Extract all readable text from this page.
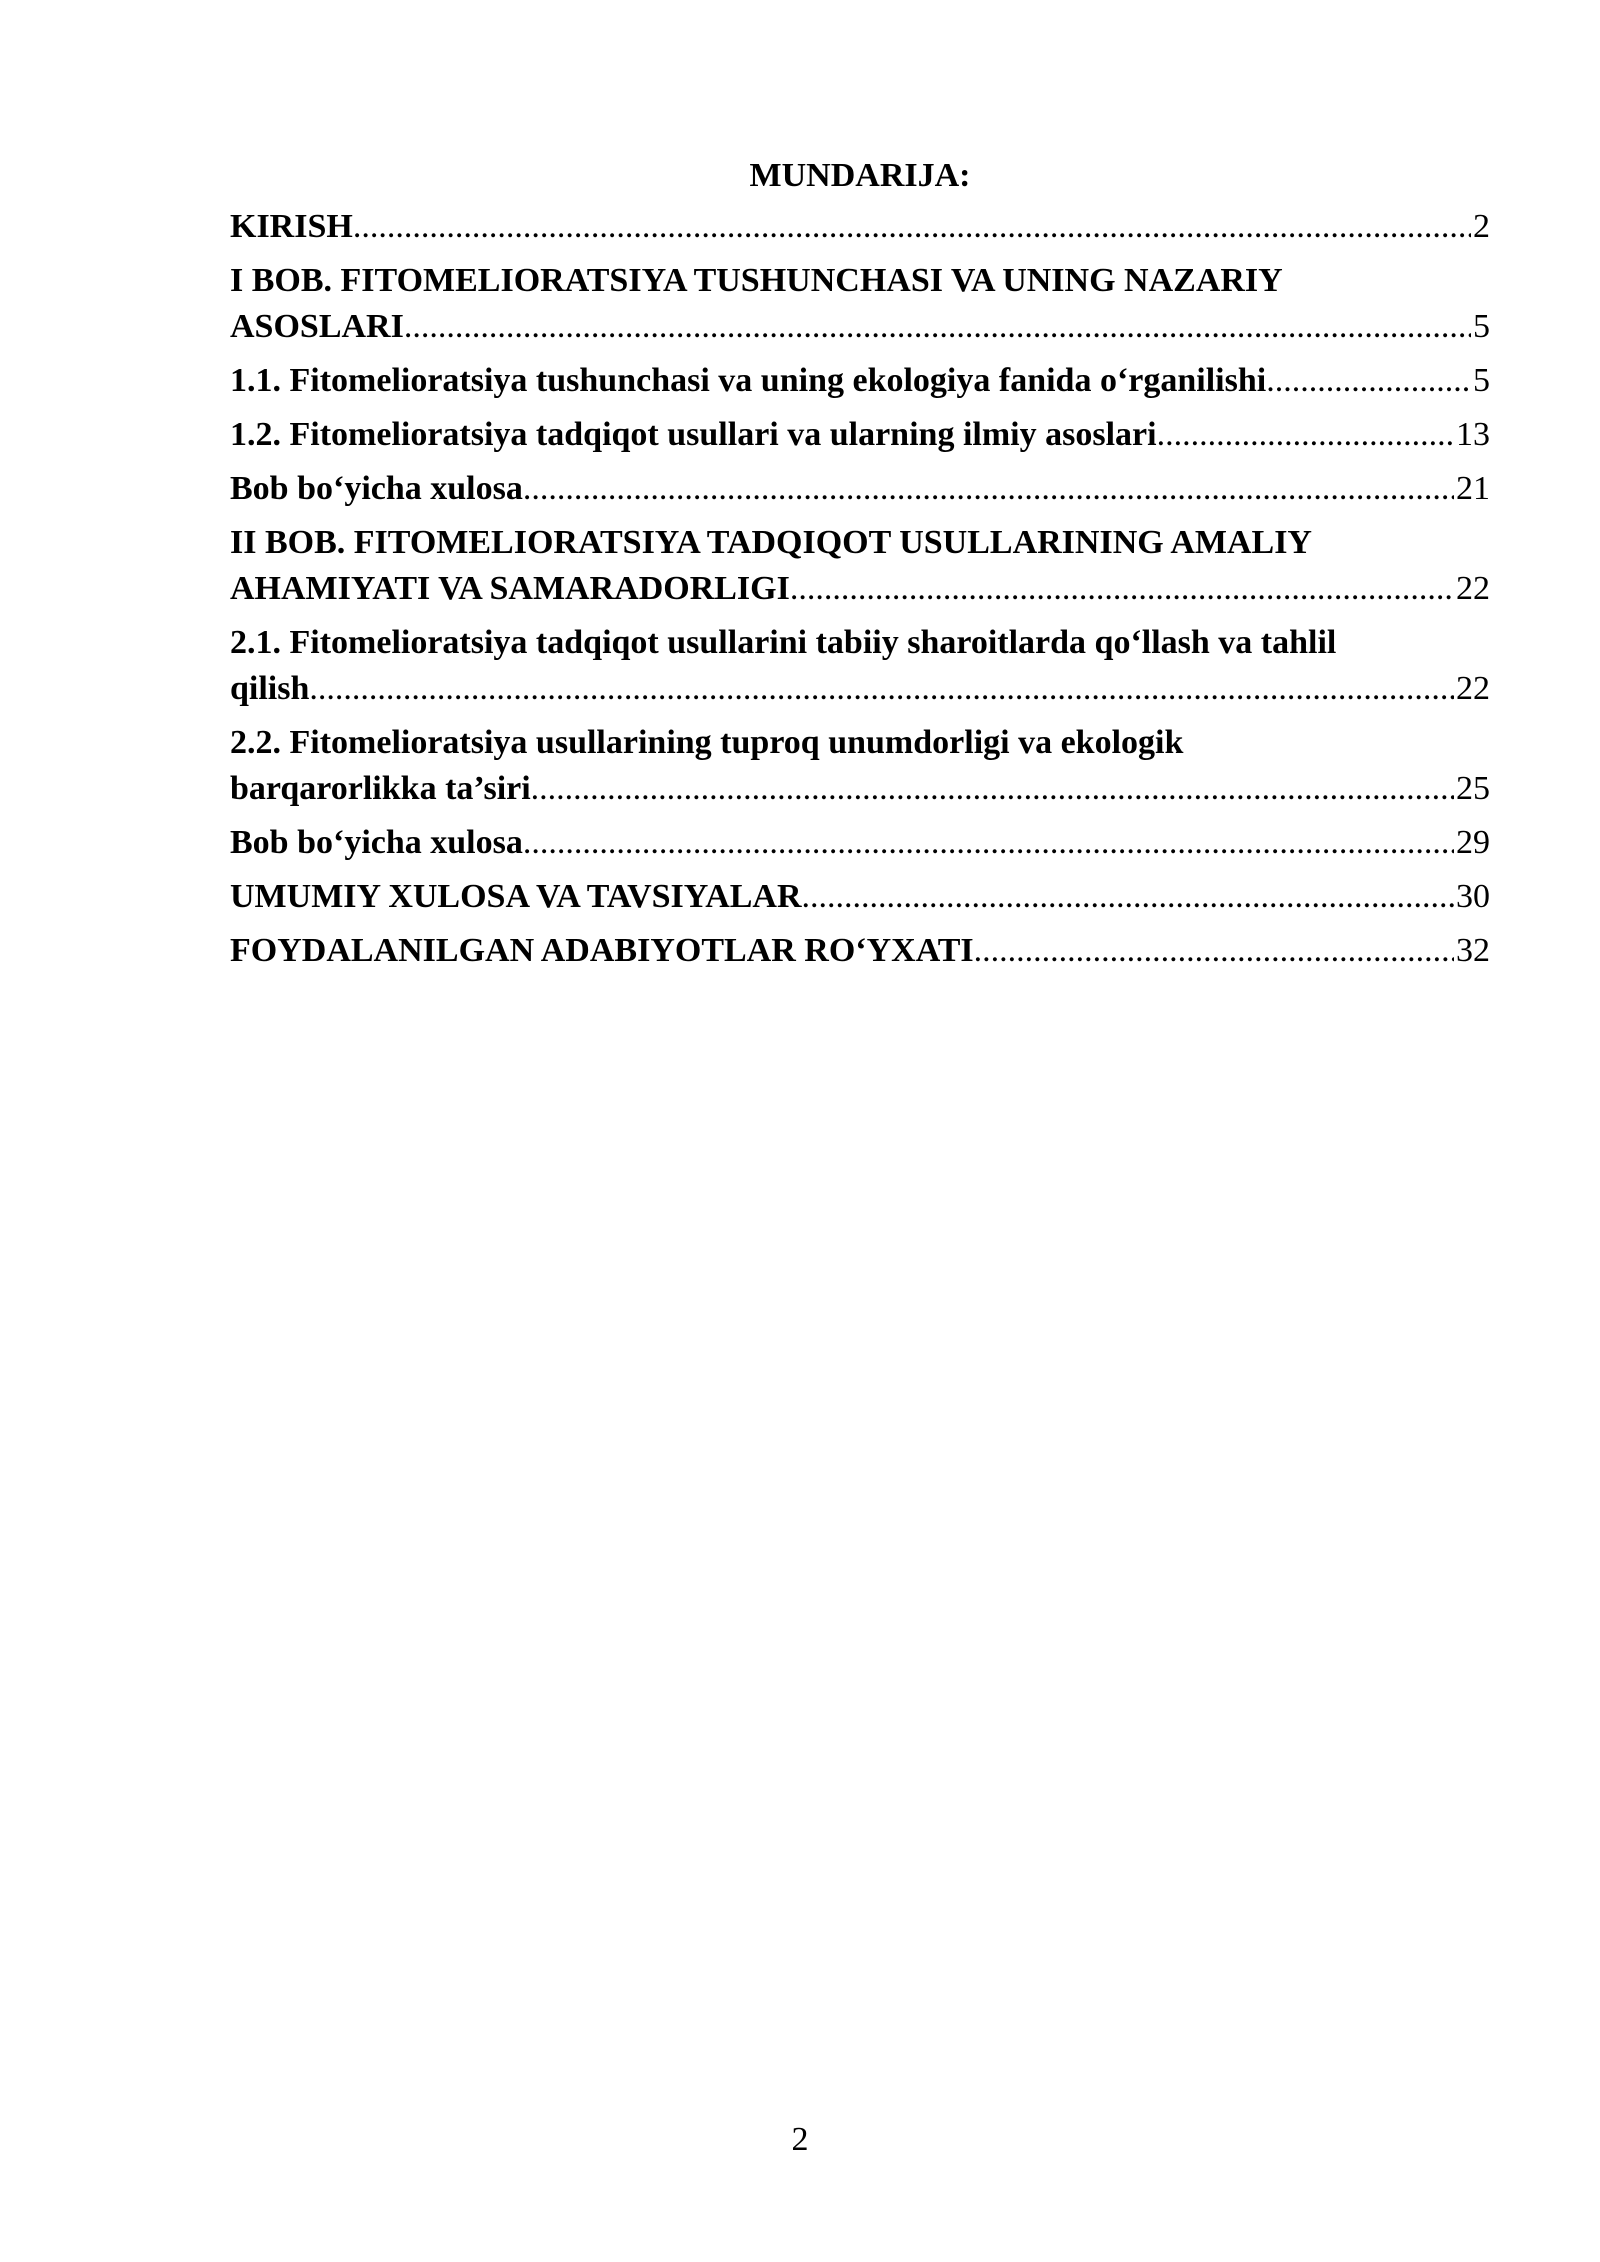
MUNDARIJA:
KIRISH .....	2
I BOB. FITOMELIORATSIYA TUSHUNCHASI VA UNING NAZARIY
ASOSLARI .....	5
1.1. Fitomelioratsiya tushunchasi va uning ekologiya fanida o‘rganilishi .....	5
1.2. Fitomelioratsiya tadqiqot usullari va ularning ilmiy asoslari .....	13
Bob bo‘yicha xulosa .....	21
II BOB. FITOMELIORATSIYA TADQIQOT USULLARINING AMALIY
AHAMIYATI VA SAMARADORLIGI .....	22
2.1. Fitomelioratsiya tadqiqot usullarini tabiiy sharoitlarda qo‘llash va tahlil
qilish .....	22
2.2. Fitomelioratsiya usullarining tuproq unumdorligi va ekologik
barqarorlikka ta’siri .....	25
Bob bo‘yicha xulosa .....	29
UMUMIY XULOSA VA TAVSIYALAR .....	30
FOYDALANILGAN ADABIYOTLAR RO‘YXATI .....	32
2
